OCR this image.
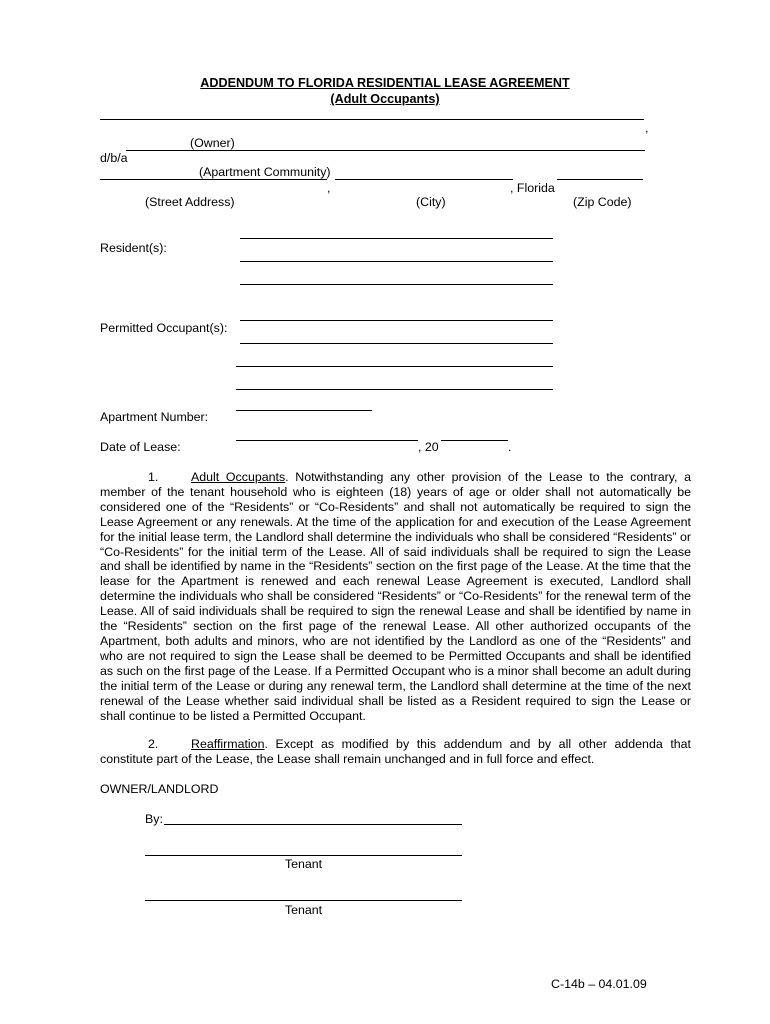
ADDENDUM TO FLORIDA RESIDENTIAL LEASE AGREEMENT
(Adult Occupants)
,
(Owner)
d/b/a
(Apartment Community)
,	, Florida
(Street Address)	(City)	(Zip Code)
Resident(s):
Permitted Occupant(s):
Apartment Number:
Date of Lease:	, 20	.
1.	Adult Occupants. Notwithstanding any other provision of the Lease to the contrary, a member of the tenant household who is eighteen (18) years of age or older shall not automatically be considered one of the “Residents” or “Co-Residents” and shall not automatically be required to sign the Lease Agreement or any renewals. At the time of the application for and execution of the Lease Agreement for the initial lease term, the Landlord shall determine the individuals who shall be considered “Residents” or “Co-Residents” for the initial term of the Lease. All of said individuals shall be required to sign the Lease and shall be identified by name in the “Residents” section on the first page of the Lease. At the time that the lease for the Apartment is renewed and each renewal Lease Agreement is executed, Landlord shall determine the individuals who shall be considered “Residents” or “Co-Residents” for the renewal term of the Lease. All of said individuals shall be required to sign the renewal Lease and shall be identified by name in the “Residents” section on the first page of the renewal Lease. All other authorized occupants of the Apartment, both adults and minors, who are not identified by the Landlord as one of the “Residents” and who are not required to sign the Lease shall be deemed to be Permitted Occupants and shall be identified as such on the first page of the Lease. If a Permitted Occupant who is a minor shall become an adult during the initial term of the Lease or during any renewal term, the Landlord shall determine at the time of the next renewal of the Lease whether said individual shall be listed as a Resident required to sign the Lease or shall continue to be listed a Permitted Occupant.
2.	Reaffirmation. Except as modified by this addendum and by all other addenda that constitute part of the Lease, the Lease shall remain unchanged and in full force and effect.
OWNER/LANDLORD
By:
Tenant
Tenant
C-14b – 04.01.09
